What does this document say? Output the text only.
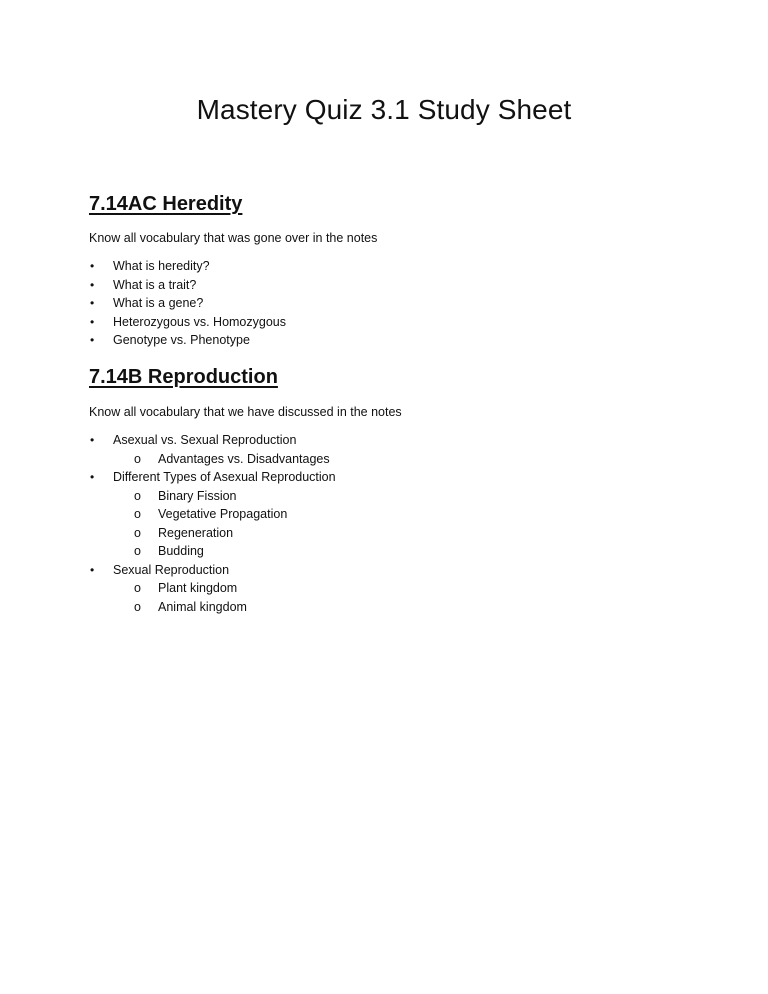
Mastery Quiz 3.1 Study Sheet
7.14AC Heredity

Know all vocabulary that was gone over in the notes

•	What is heredity?
•	What is a trait?
•	What is a gene?
•	Heterozygous vs. Homozygous
•	Genotype vs. Phenotype
7.14B Reproduction

Know all vocabulary that we have discussed in the notes

•	Asexual vs. Sexual Reproduction
o Advantages vs. Disadvantages
•	Different Types of Asexual Reproduction
o Binary Fission
o Vegetative Propagation
o Regeneration
o Budding
•	Sexual Reproduction
o Plant kingdom
o Animal kingdom
